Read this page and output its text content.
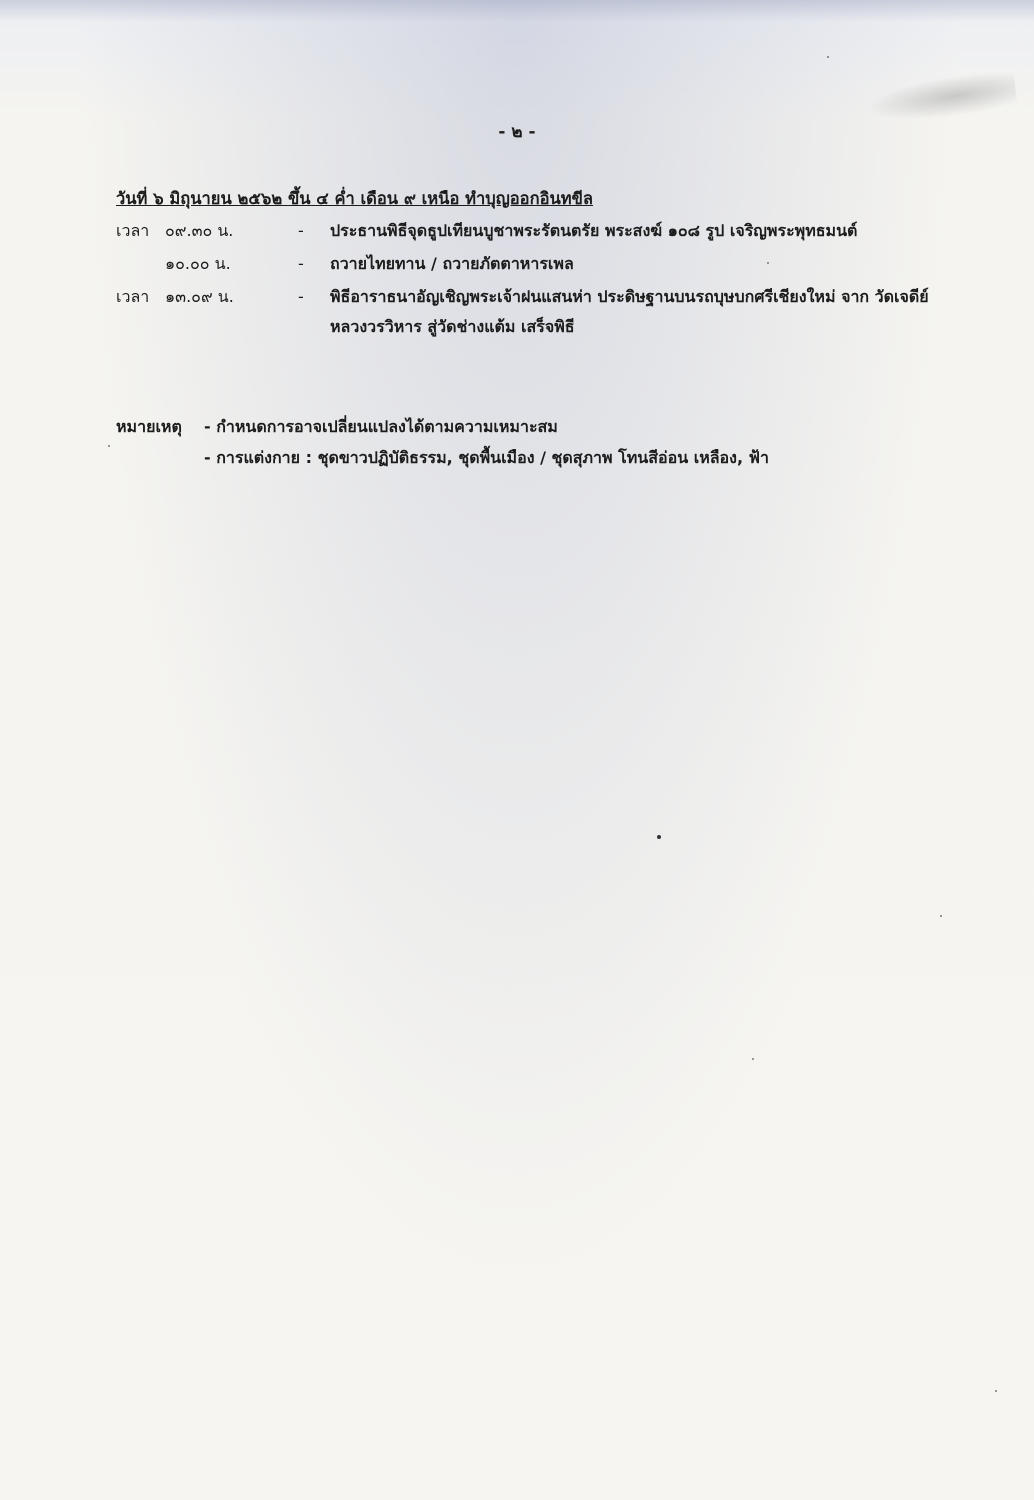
- ๒ -
วันที่ ๖ มิถุนายน ๒๕๖๒ ขึ้น ๔ ค่ำ เดือน ๙ เหนือ ทำบุญออกอินทขีล
เวลา ๐๙.๓๐ น.	- ประธานพิธีจุดธูปเทียนบูชาพระรัตนตรัย พระสงฆ์ ๑๐๘ รูป เจริญพระพุทธมนต์
๑๐.๐๐ น.	- ถวายไทยทาน / ถวายภัตตาหารเพล
เวลา ๑๓.๐๙ น.	- พิธีอาราธนาอัญเชิญพระเจ้าฝนแสนห่า ประดิษฐานบนรถบุษบกศรีเชียงใหม่ จาก วัดเจดีย์หลวงวรวิหาร สู่วัดช่างแต้ม เสร็จพิธี
หมายเหตุ - กำหนดการอาจเปลี่ยนแปลงได้ตามความเหมาะสม
- การแต่งกาย : ชุดขาวปฏิบัติธรรม, ชุดพื้นเมือง / ชุดสุภาพ โทนสีอ่อน เหลือง, ฟ้า
